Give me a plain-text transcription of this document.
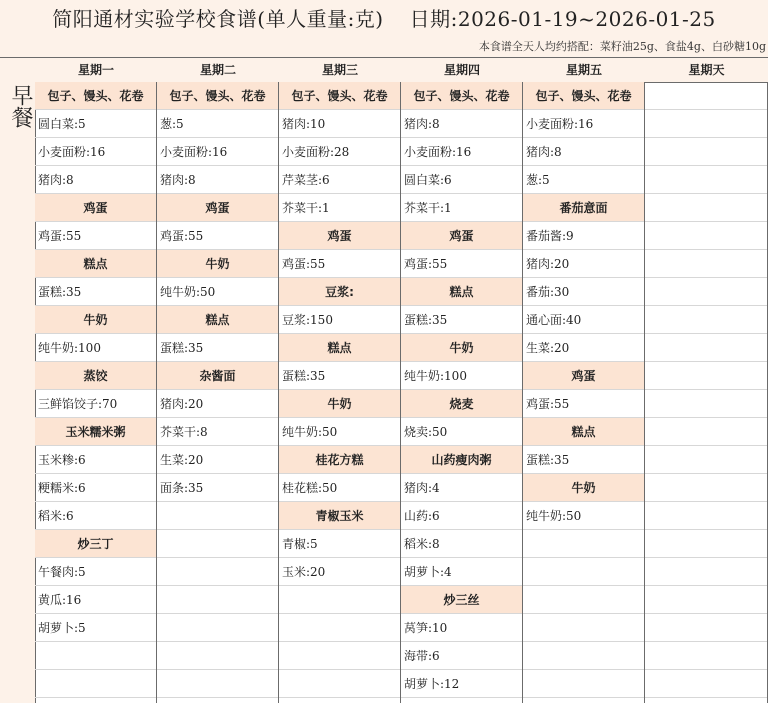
简阳通材实验学校食谱(单人重量:克) 日期:2026-01-19~2026-01-25
本食谱全天人均约搭配：菜籽油25g、食盐4g、白砂糖10g
早餐
星期一
包子、馒头、花卷
圆白菜:5
小麦面粉:16
猪肉:8
鸡蛋
鸡蛋:55
糕点
蛋糕:35
牛奶
纯牛奶:100
蒸饺
三鲜馅饺子:70
玉米糯米粥
玉米糁:6
粳糯米:6
稻米:6
炒三丁
午餐肉:5
黄瓜:16
胡萝卜:5
星期二
包子、馒头、花卷
葱:5
小麦面粉:16
猪肉:8
鸡蛋
鸡蛋:55
牛奶
纯牛奶:50
糕点
蛋糕:35
杂酱面
猪肉:20
芥菜干:8
生菜:20
面条:35
星期三
包子、馒头、花卷
猪肉:10
小麦面粉:28
芹菜茎:6
芥菜干:1
鸡蛋
鸡蛋:55
豆浆:
豆浆:150
糕点
蛋糕:35
牛奶
纯牛奶:50
桂花方糕
桂花糕:50
青椒玉米
青椒:5
玉米:20
星期四
包子、馒头、花卷
猪肉:8
小麦面粉:16
圆白菜:6
芥菜干:1
鸡蛋
鸡蛋:55
糕点
蛋糕:35
牛奶
纯牛奶:100
烧麦
烧卖:50
山药瘦肉粥
猪肉:4
山药:6
稻米:8
胡萝卜:4
炒三丝
莴笋:10
海带:6
胡萝卜:12
星期五
包子、馒头、花卷
小麦面粉:16
猪肉:8
葱:5
番茄意面
番茄酱:9
猪肉:20
番茄:30
通心面:40
生菜:20
鸡蛋
鸡蛋:55
糕点
蛋糕:35
牛奶
纯牛奶:50
星期天
